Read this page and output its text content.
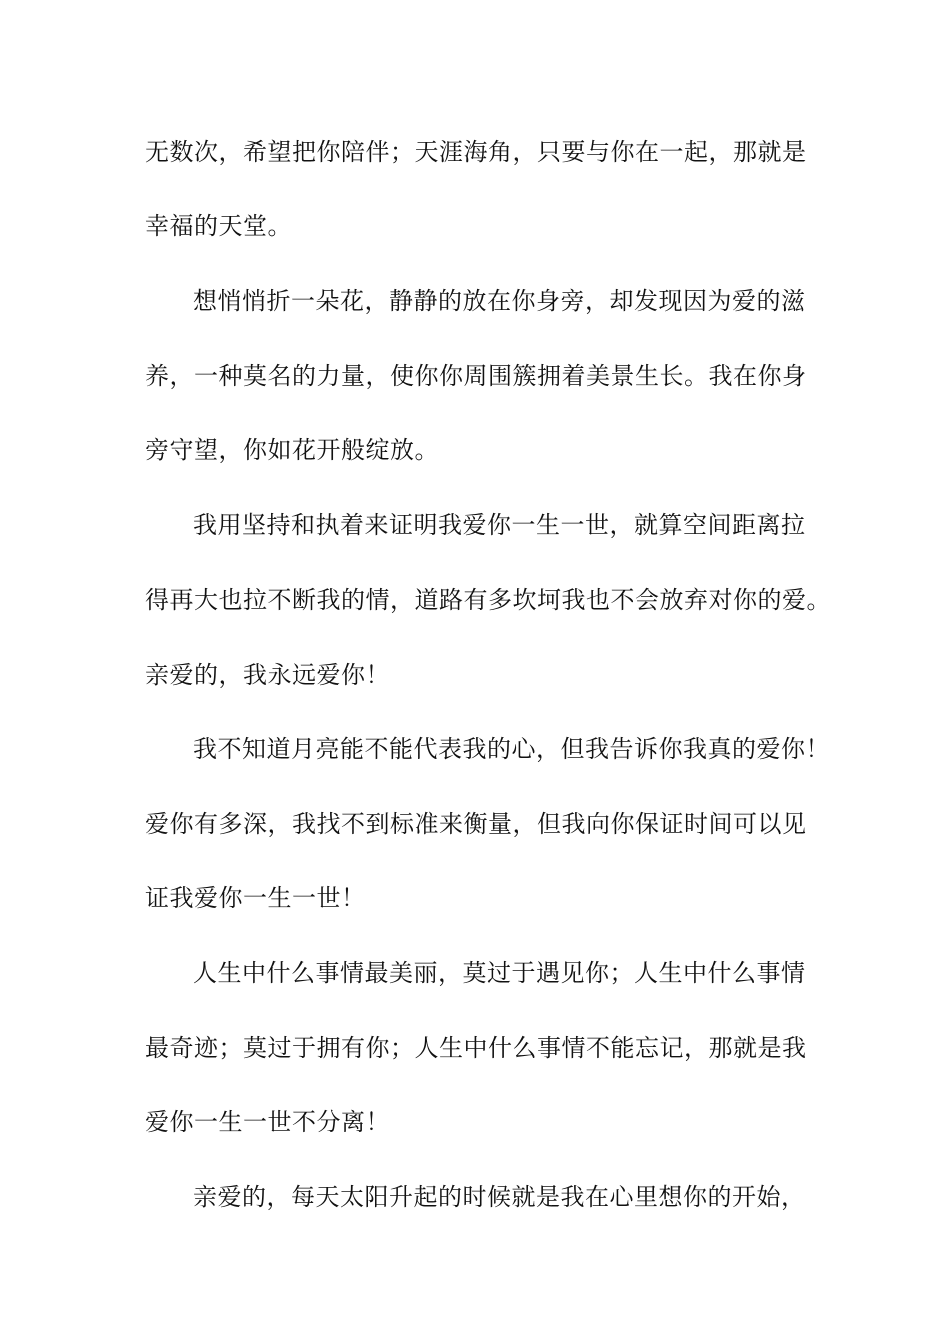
无数次，希望把你陪伴；天涯海角，只要与你在一起，那就是
幸福的天堂。
想悄悄折一朵花，静静的放在你身旁，却发现因为爱的滋
养，一种莫名的力量，使你你周围簇拥着美景生长。我在你身
旁守望，你如花开般绽放。
我用坚持和执着来证明我爱你一生一世，就算空间距离拉
得再大也拉不断我的情，道路有多坎坷我也不会放弃对你的爱。
亲爱的，我永远爱你！
我不知道月亮能不能代表我的心，但我告诉你我真的爱你！
爱你有多深，我找不到标准来衡量，但我向你保证时间可以见
证我爱你一生一世！
人生中什么事情最美丽，莫过于遇见你；人生中什么事情
最奇迹；莫过于拥有你；人生中什么事情不能忘记，那就是我
爱你一生一世不分离！
亲爱的，每天太阳升起的时候就是我在心里想你的开始，
